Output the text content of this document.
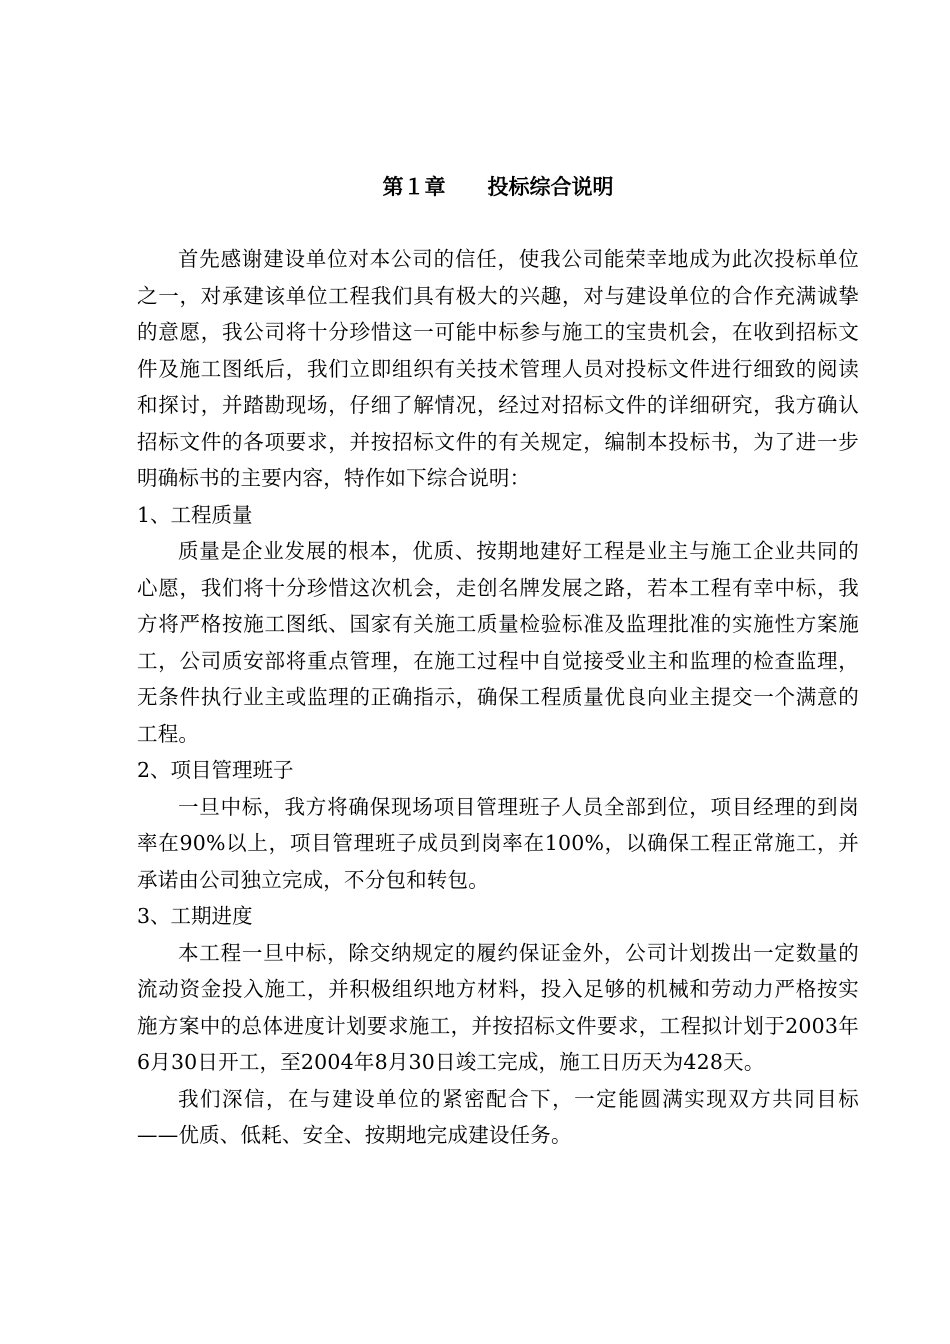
第１章　　投标综合说明

首先感谢建设单位对本公司的信任，使我公司能荣幸地成为此次投标单位之一，对承建该单位工程我们具有极大的兴趣，对与建设单位的合作充满诚挚的意愿，我公司将十分珍惜这一可能中标参与施工的宝贵机会，在收到招标文件及施工图纸后，我们立即组织有关技术管理人员对投标文件进行细致的阅读和探讨，并踏勘现场，仔细了解情况，经过对招标文件的详细研究，我方确认招标文件的各项要求，并按招标文件的有关规定，编制本投标书，为了进一步明确标书的主要内容，特作如下综合说明：

1、工程质量

质量是企业发展的根本，优质、按期地建好工程是业主与施工企业共同的心愿，我们将十分珍惜这次机会，走创名牌发展之路，若本工程有幸中标，我方将严格按施工图纸、国家有关施工质量检验标准及监理批准的实施性方案施工，公司质安部将重点管理，在施工过程中自觉接受业主和监理的检查监理，无条件执行业主或监理的正确指示，确保工程质量优良向业主提交一个满意的工程。

2、项目管理班子

一旦中标，我方将确保现场项目管理班子人员全部到位，项目经理的到岗率在90%以上，项目管理班子成员到岗率在100%，以确保工程正常施工，并承诺由公司独立完成，不分包和转包。

3、工期进度

本工程一旦中标，除交纳规定的履约保证金外，公司计划拨出一定数量的流动资金投入施工，并积极组织地方材料，投入足够的机械和劳动力严格按实施方案中的总体进度计划要求施工，并按招标文件要求，工程拟计划于2003年6月30日开工，至2004年8月30日竣工完成，施工日历天为428天。

我们深信，在与建设单位的紧密配合下，一定能圆满实现双方共同目标——优质、低耗、安全、按期地完成建设任务。
